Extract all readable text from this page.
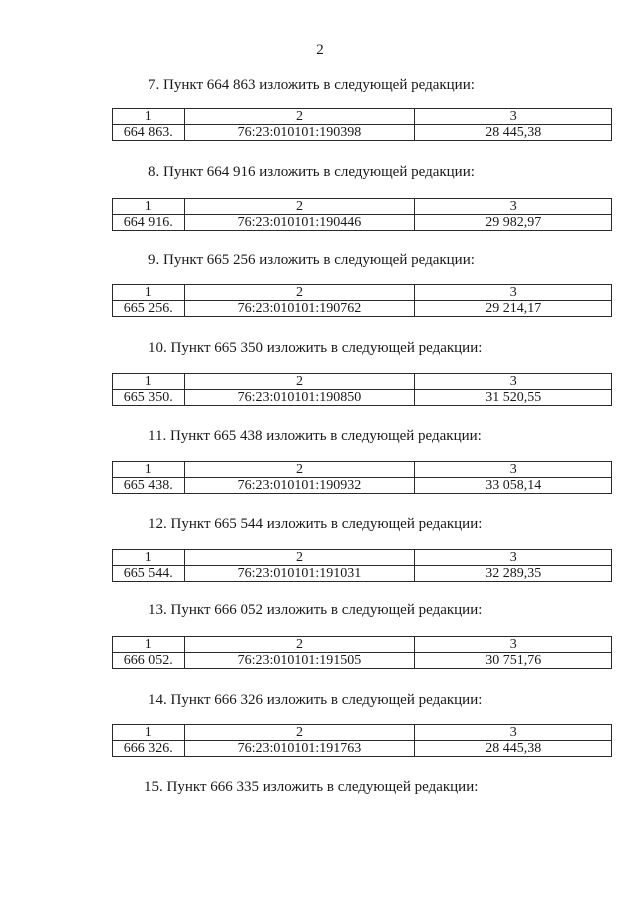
2
7. Пункт 664 863 изложить в следующей редакции:
1	2	3
664 863.	76:23:010101:190398	28 445,38
8. Пункт 664 916 изложить в следующей редакции:
1	2	3
664 916.	76:23:010101:190446	29 982,97
9. Пункт 665 256 изложить в следующей редакции:
1	2	3
665 256.	76:23:010101:190762	29 214,17
10. Пункт 665 350 изложить в следующей редакции:
1	2	3
665 350.	76:23:010101:190850	31 520,55
11. Пункт 665 438 изложить в следующей редакции:
1	2	3
665 438.	76:23:010101:190932	33 058,14
12. Пункт 665 544 изложить в следующей редакции:
1	2	3
665 544.	76:23:010101:191031	32 289,35
13. Пункт 666 052 изложить в следующей редакции:
1	2	3
666 052.	76:23:010101:191505	30 751,76
14. Пункт 666 326 изложить в следующей редакции:
1	2	3
666 326.	76:23:010101:191763	28 445,38
15. Пункт 666 335 изложить в следующей редакции:
